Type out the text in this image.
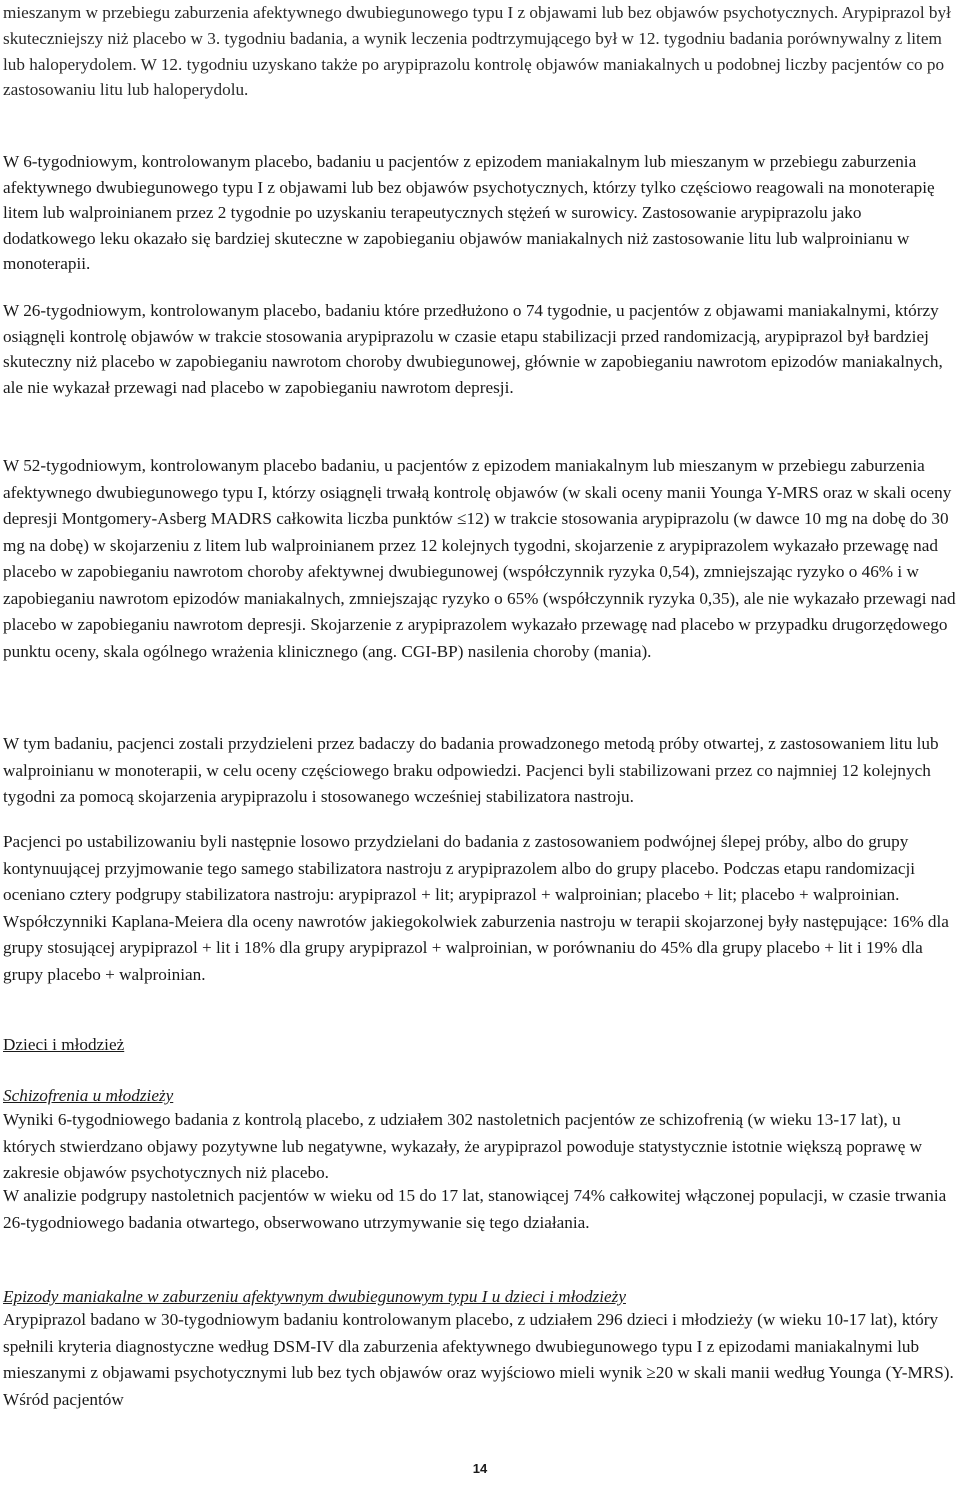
mieszanym w przebiegu zaburzenia afektywnego dwubiegunowego typu I z objawami lub bez objawów psychotycznych. Arypiprazol był skuteczniejszy niż placebo w 3. tygodniu badania, a wynik leczenia podtrzymującego był w 12. tygodniu badania porównywalny z litem lub haloperydolem. W 12. tygodniu uzyskano także po arypiprazolu kontrolę objawów maniakalnych u podobnej liczby pacjentów co po zastosowaniu litu lub haloperydolu.

W 6-tygodniowym, kontrolowanym placebo, badaniu u pacjentów z epizodem maniakalnym lub mieszanym w przebiegu zaburzenia afektywnego dwubiegunowego typu I z objawami lub bez objawów psychotycznych, którzy tylko częściowo reagowali na monoterapię litem lub walproinianem przez 2 tygodnie po uzyskaniu terapeutycznych stężeń w surowicy. Zastosowanie arypiprazolu jako dodatkowego leku okazało się bardziej skuteczne w zapobieganiu objawów maniakalnych niż zastosowanie litu lub walproinianu w monoterapii.

W 26-tygodniowym, kontrolowanym placebo, badaniu które przedłużono o 74 tygodnie, u pacjentów z objawami maniakalnymi, którzy osiągnęli kontrolę objawów w trakcie stosowania arypiprazolu w czasie etapu stabilizacji przed randomizacją, arypiprazol był bardziej skuteczny niż placebo w zapobieganiu nawrotom choroby dwubiegunowej, głównie w zapobieganiu nawrotom epizodów maniakalnych, ale nie wykazał przewagi nad placebo w zapobieganiu nawrotom depresji.

W 52-tygodniowym, kontrolowanym placebo badaniu, u pacjentów z epizodem maniakalnym lub mieszanym w przebiegu zaburzenia afektywnego dwubiegunowego typu I, którzy osiągnęli trwałą kontrolę objawów (w skali oceny manii Younga Y-MRS oraz w skali oceny depresji Montgomery-Asberg MADRS całkowita liczba punktów ≤12) w trakcie stosowania arypiprazolu (w dawce 10 mg na dobę do 30 mg na dobę) w skojarzeniu z litem lub walproinianem przez 12 kolejnych tygodni, skojarzenie z arypiprazolem wykazało przewagę nad placebo w zapobieganiu nawrotom choroby afektywnej dwubiegunowej (współczynnik ryzyka 0,54), zmniejszając ryzyko o 46% i w zapobieganiu nawrotom epizodów maniakalnych, zmniejszając ryzyko o 65% (współczynnik ryzyka 0,35), ale nie wykazało przewagi nad placebo w zapobieganiu nawrotom depresji. Skojarzenie z arypiprazolem wykazało przewagę nad placebo w przypadku drugorzędowego punktu oceny, skala ogólnego wrażenia klinicznego (ang. CGI-BP) nasilenia choroby (mania).

W tym badaniu, pacjenci zostali przydzieleni przez badaczy do badania prowadzonego metodą próby otwartej, z zastosowaniem litu lub walproinianu w monoterapii, w celu oceny częściowego braku odpowiedzi. Pacjenci byli stabilizowani przez co najmniej 12 kolejnych tygodni za pomocą skojarzenia arypiprazolu i stosowanego wcześniej stabilizatora nastroju.

Pacjenci po ustabilizowaniu byli następnie losowo przydzielani do badania z zastosowaniem podwójnej ślepej próby, albo do grupy kontynuującej przyjmowanie tego samego stabilizatora nastroju z arypiprazolem albo do grupy placebo. Podczas etapu randomizacji oceniano cztery podgrupy stabilizatora nastroju: arypiprazol + lit; arypiprazol + walproinian; placebo + lit; placebo + walproinian. Współczynniki Kaplana-Meiera dla oceny nawrotów jakiegokolwiek zaburzenia nastroju w terapii skojarzonej były następujące: 16% dla grupy stosującej arypiprazol + lit i 18% dla grupy arypiprazol + walproinian, w porównaniu do 45% dla grupy placebo + lit i 19% dla grupy placebo + walproinian.

Dzieci i młodzież
Schizofrenia u młodzieży

Wyniki 6-tygodniowego badania z kontrolą placebo, z udziałem 302 nastoletnich pacjentów ze schizofrenią (w wieku 13-17 lat), u których stwierdzano objawy pozytywne lub negatywne, wykazały, że arypiprazol powoduje statystycznie istotnie większą poprawę w zakresie objawów psychotycznych niż placebo.

W analizie podgrupy nastoletnich pacjentów w wieku od 15 do 17 lat, stanowiącej 74% całkowitej włączonej populacji, w czasie trwania 26-tygodniowego badania otwartego, obserwowano utrzymywanie się tego działania.

Epizody maniakalne w zaburzeniu afektywnym dwubiegunowym typu I u dzieci i młodzieży

Arypiprazol badano w 30-tygodniowym badaniu kontrolowanym placebo, z udziałem 296 dzieci i młodzieży (w wieku 10-17 lat), który spełnili kryteria diagnostyczne według DSM-IV dla zaburzenia afektywnego dwubiegunowego typu I z epizodami maniakalnymi lub mieszanymi z objawami psychotycznymi lub bez tych objawów oraz wyjściowo mieli wynik ≥20 w skali manii według Younga (Y-MRS). Wśród pacjentów

14
